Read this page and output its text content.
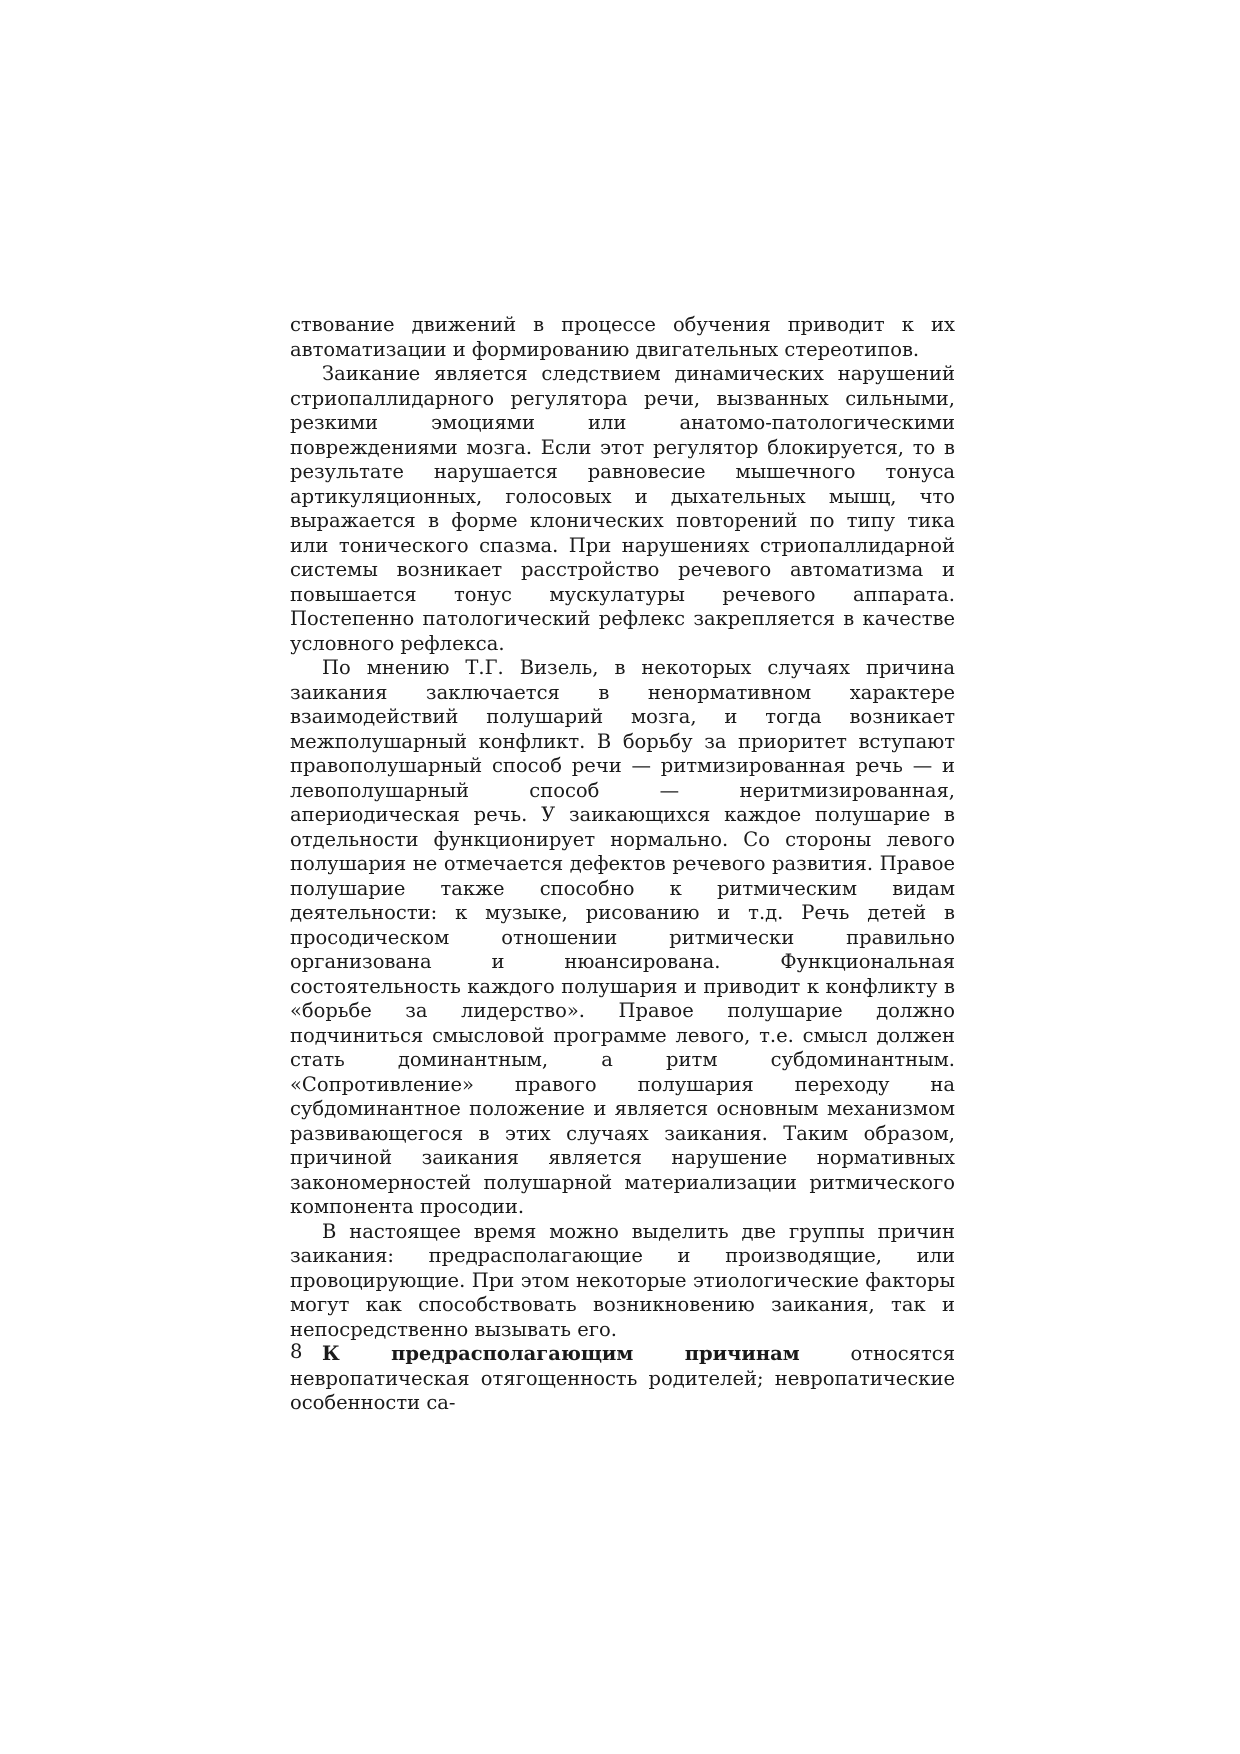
ствование движений в процессе обучения приводит к их автоматизации и формированию двигательных стереотипов.

Заикание является следствием динамических нарушений стриопаллидарного регулятора речи, вызванных сильными, резкими эмоциями или анатомо-патологическими повреждениями мозга. Если этот регулятор блокируется, то в результате нарушается равновесие мышечного тонуса артикуляционных, голосовых и дыхательных мышц, что выражается в форме клонических повторений по типу тика или тонического спазма. При нарушениях стриопаллидарной системы возникает расстройство речевого автоматизма и повышается тонус мускулатуры речевого аппарата. Постепенно патологический рефлекс закрепляется в качестве условного рефлекса.

По мнению Т.Г. Визель, в некоторых случаях причина заикания заключается в ненормативном характере взаимодействий полушарий мозга, и тогда возникает межполушарный конфликт. В борьбу за приоритет вступают правополушарный способ речи — ритмизированная речь — и левополушарный способ — неритмизированная, апериодическая речь. У заикающихся каждое полушарие в отдельности функционирует нормально. Со стороны левого полушария не отмечается дефектов речевого развития. Правое полушарие также способно к ритмическим видам деятельности: к музыке, рисованию и т.д. Речь детей в просодическом отношении ритмически правильно организована и нюансирована. Функциональная состоятельность каждого полушария и приводит к конфликту в «борьбе за лидерство». Правое полушарие должно подчиниться смысловой программе левого, т.е. смысл должен стать доминантным, а ритм субдоминантным. «Сопротивление» правого полушария переходу на субдоминантное положение и является основным механизмом развивающегося в этих случаях заикания. Таким образом, причиной заикания является нарушение нормативных закономерностей полушарной материализации ритмического компонента просодии.

В настоящее время можно выделить две группы причин заикания: предрасполагающие и производящие, или провоцирующие. При этом некоторые этиологические факторы могут как способствовать возникновению заикания, так и непосредственно вызывать его.

К предрасполагающим причинам относятся невропатическая отягощенность родителей; невропатические особенности са-

8
